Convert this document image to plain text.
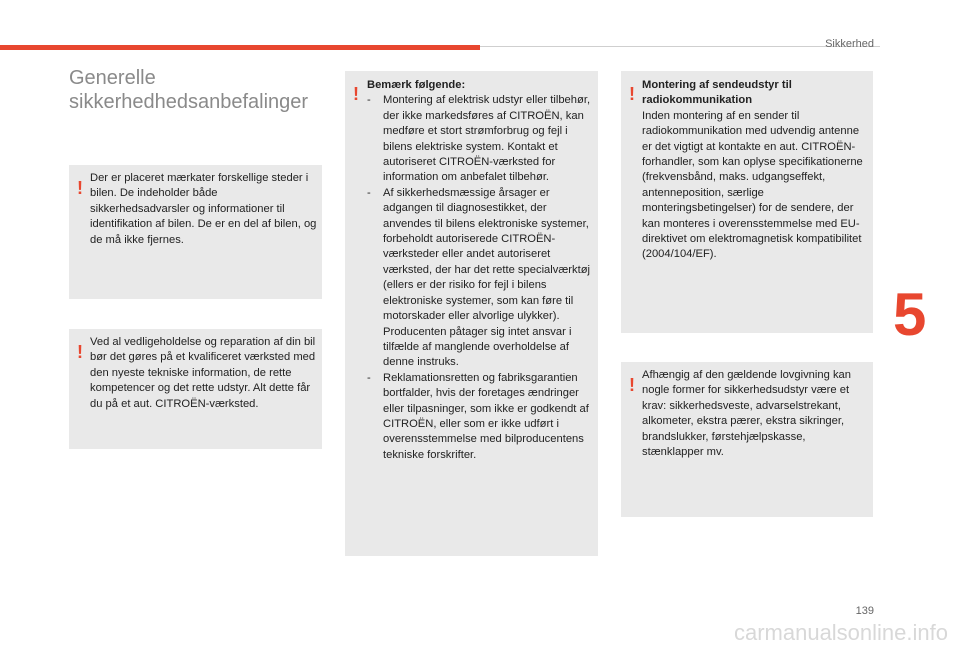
Sikkerhed
5
139
carmanualsonline.info
Generelle
sikkerhedhedsanbefalinger
! Der er placeret mærkater forskellige steder i bilen. De indeholder både sikkerhedsadvarsler og informationer til identifikation af bilen. De er en del af bilen, og de må ikke fjernes.

! Ved al vedligeholdelse og reparation af din bil bør det gøres på et kvalificeret værksted med den nyeste tekniske information, de rette kompetencer og det rette udstyr. Alt dette får du på et aut. CITROËN-værksted.

! Bemærk følgende:

- Montering af elektrisk udstyr eller tilbehør, der ikke markedsføres af CITROËN, kan medføre et stort strømforbrug og fejl i bilens elektriske system. Kontakt et autoriseret CITROËN-værksted for information om anbefalet tilbehør.
- Af sikkerhedsmæssige årsager er adgangen til diagnosestikket, der anvendes til bilens elektroniske systemer, forbeholdt autoriserede CITROËN-værksteder eller andet autoriseret værksted, der har det rette specialværktøj (ellers er der risiko for fejl i bilens elektroniske systemer, som kan føre til motorskader eller alvorlige ulykker). Producenten påtager sig intet ansvar i tilfælde af manglende overholdelse af denne instruks.
- Reklamationsretten og fabriksgarantien bortfalder, hvis der foretages ændringer eller tilpasninger, som ikke er godkendt af CITROËN, eller som er ikke udført i overensstemmelse med bilproducentens tekniske forskrifter.
! Montering af sendeudstyr til radiokommunikation

Inden montering af en sender til radiokommunikation med udvendig antenne er det vigtigt at kontakte en aut. CITROËN-forhandler, som kan oplyse specifikationerne (frekvensbånd, maks. udgangseffekt, antenneposition, særlige monteringsbetingelser) for de sendere, der kan monteres i overensstemmelse med EU-direktivet om elektromagnetisk kompatibilitet (2004/104/EF).

! Afhængig af den gældende lovgivning kan nogle former for sikkerhedsudstyr være et krav: sikkerhedsveste, advarselstrekant, alkometer, ekstra pærer, ekstra sikringer, brandslukker, førstehjælpskasse, stænklapper mv.
